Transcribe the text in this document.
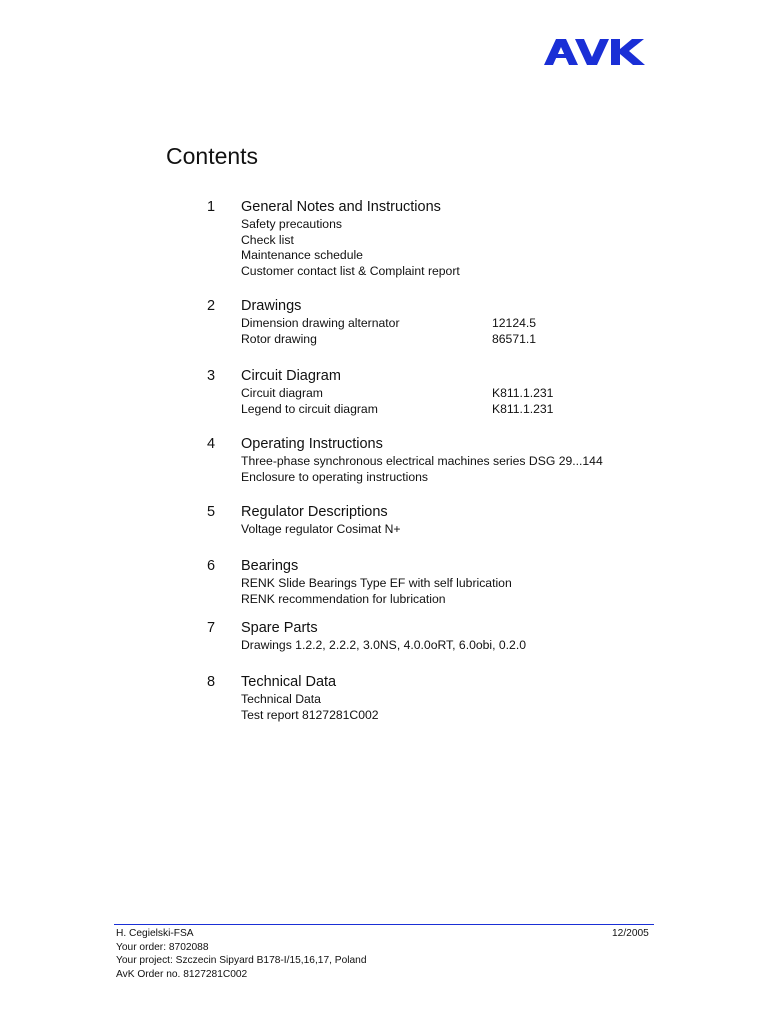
Contents
1 General Notes and Instructions
Safety precautions
Check list
Maintenance schedule
Customer contact list & Complaint report
2 Drawings
Dimension drawing alternator	12124.5
Rotor drawing	86571.1
3 Circuit Diagram
Circuit diagram	K811.1.231
Legend to circuit diagram	K811.1.231
4 Operating Instructions
Three-phase synchronous electrical machines series DSG 29...144
Enclosure to operating instructions
5 Regulator Descriptions
Voltage regulator Cosimat N+
6 Bearings
RENK Slide Bearings Type EF with self lubrication
RENK recommendation for lubrication
7 Spare Parts
Drawings 1.2.2, 2.2.2, 3.0NS, 4.0.0oRT, 6.0obi, 0.2.0
8 Technical Data
Technical Data
Test report 8127281C002
H. Cegielski-FSA
Your order: 8702088
Your project: Szczecin Sipyard B178-I/15,16,17, Poland
AvK Order no. 8127281C002
12/2005
